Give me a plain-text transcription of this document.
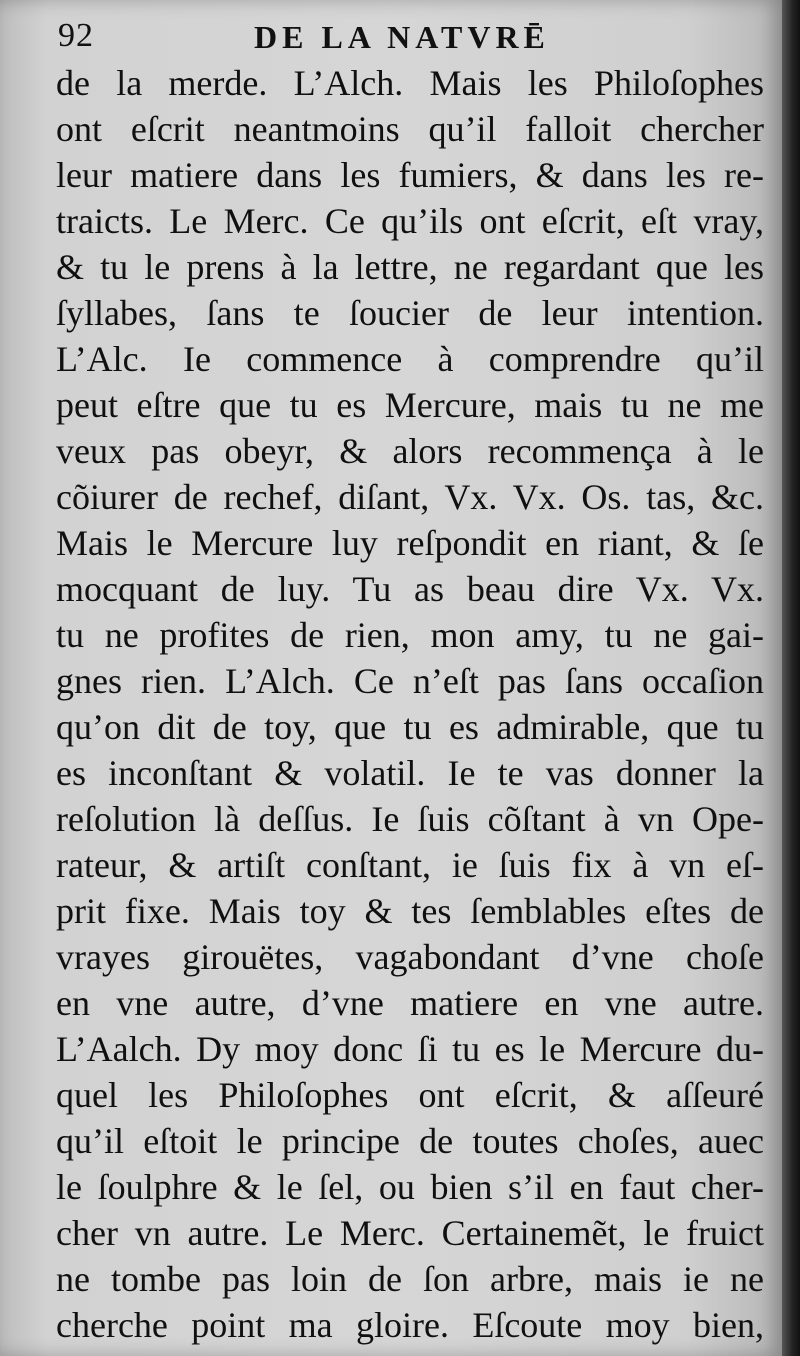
92	DE LA NATVRĒ
de la merde. L’Alch. Mais les Philoſophes
ont eſcrit neantmoins qu’il falloit chercher
leur matiere dans les fumiers, & dans les re-
traicts. Le Merc. Ce qu’ils ont eſcrit, eſt vray,
& tu le prens à la lettre, ne regardant que les
ſyllabes, ſans te ſoucier de leur intention.
L’Alc. Ie commence à comprendre qu’il
peut eſtre que tu es Mercure, mais tu ne me
veux pas obeyr, & alors recommença à le
cõiurer de rechef, diſant, Vx. Vx. Os. tas, &c.
Mais le Mercure luy reſpondit en riant, & ſe
mocquant de luy. Tu as beau dire Vx. Vx.
tu ne profites de rien, mon amy, tu ne gai-
gnes rien. L’Alch. Ce n’eſt pas ſans occaſion
qu’on dit de toy, que tu es admirable, que tu
es inconſtant & volatil. Ie te vas donner la
reſolution là deſſus. Ie ſuis cõſtant à vn Ope-
rateur, & artiſt conſtant, ie ſuis fix à vn eſ-
prit fixe. Mais toy & tes ſemblables eſtes de
vrayes girouëtes, vagabondant d’vne choſe
en vne autre, d’vne matiere en vne autre.
L’Aalch. Dy moy donc ſi tu es le Mercure du-
quel les Philoſophes ont eſcrit, & aſſeuré
qu’il eſtoit le principe de toutes choſes, auec
le ſoulphre & le ſel, ou bien s’il en faut cher-
cher vn autre. Le Merc. Certainemẽt, le fruict
ne tombe pas loin de ſon arbre, mais ie ne
cherche point ma gloire. Eſcoute moy bien,
